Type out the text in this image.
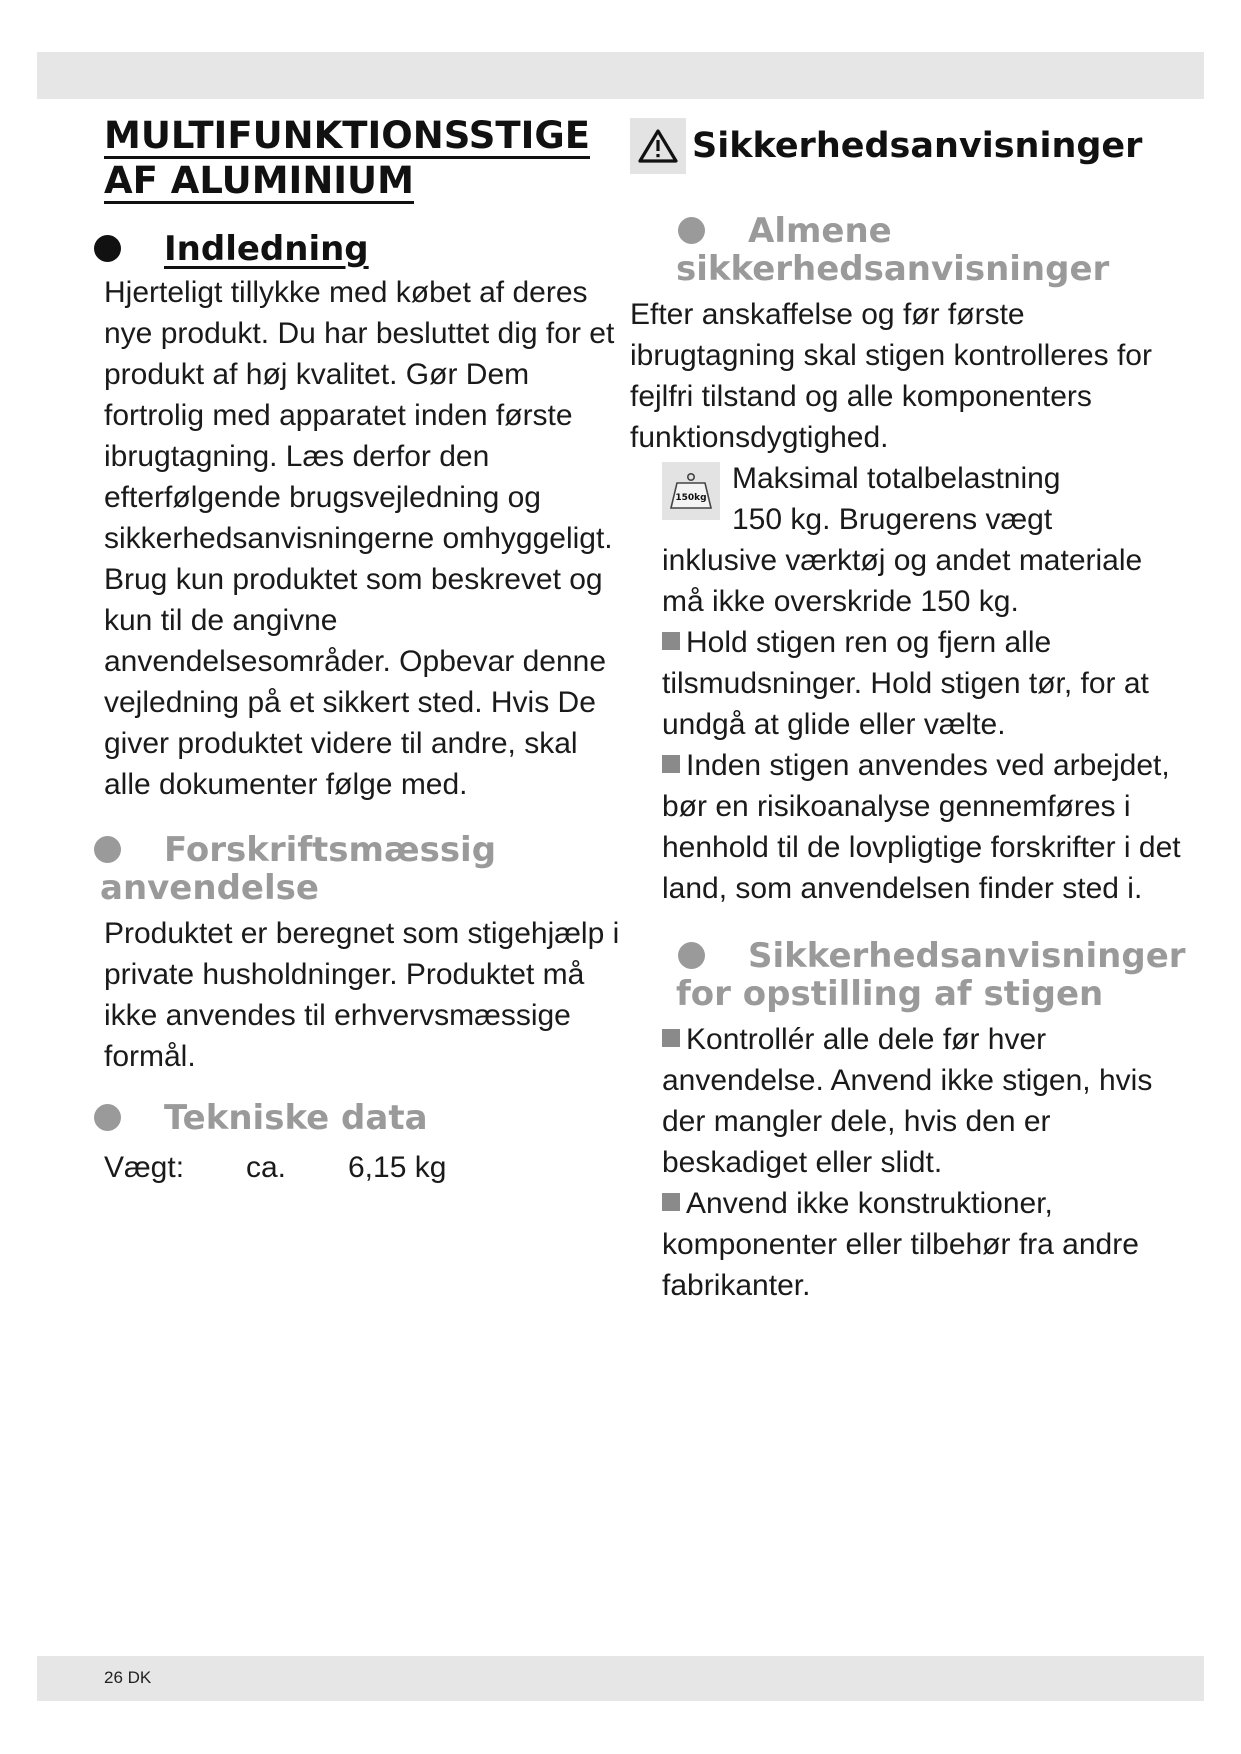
MULTIFUNKTIONSSTIGE
AF ALUMINIUM
Indledning

Hjerteligt tillykke med købet af deres nye produkt. Du har besluttet dig for et produkt af høj kvalitet. Gør Dem fortrolig med apparatet inden første ibrugtagning. Læs derfor den efterfølgende brugsvejledning og sikkerhedsanvisningerne omhyggeligt. Brug kun produktet som beskrevet og kun til de angivne anvendelsesområder. Opbevar denne vejledning på et sikkert sted. Hvis De giver produktet videre til andre, skal alle dokumenter følge med.

Forskriftsmæssig
anvendelse

Produktet er beregnet som stigehjælp i private husholdninger. Produktet må ikke anvendes til erhvervsmæssige formål.

Tekniske data
Vægt: ca. 6,15 kg
Sikkerhedsanvisninger
Almene
sikkerhedsanvisninger

Efter anskaffelse og før første ibrugtagning skal stigen kontrolleres for fejlfri tilstand og alle komponenters funktionsdygtighed.

150kg

Maksimal totalbelastning

150 kg. Brugerens vægt

inklusive værktøj og andet materiale må ikke overskride 150 kg.

Hold stigen ren og fjern alle tilsmudsninger. Hold stigen tør, for at undgå at glide eller vælte.

Inden stigen anvendes ved arbejdet, bør en risikoanalyse gennemføres i henhold til de lovpligtige forskrifter i det land, som anvendelsen finder sted i.

Sikkerhedsanvisninger
for opstilling af stigen

Kontrollér alle dele før hver anvendelse. Anvend ikke stigen, hvis der mangler dele, hvis den er beskadiget eller slidt.

Anvend ikke konstruktioner, komponenter eller tilbehør fra andre fabrikanter.

26 DK
